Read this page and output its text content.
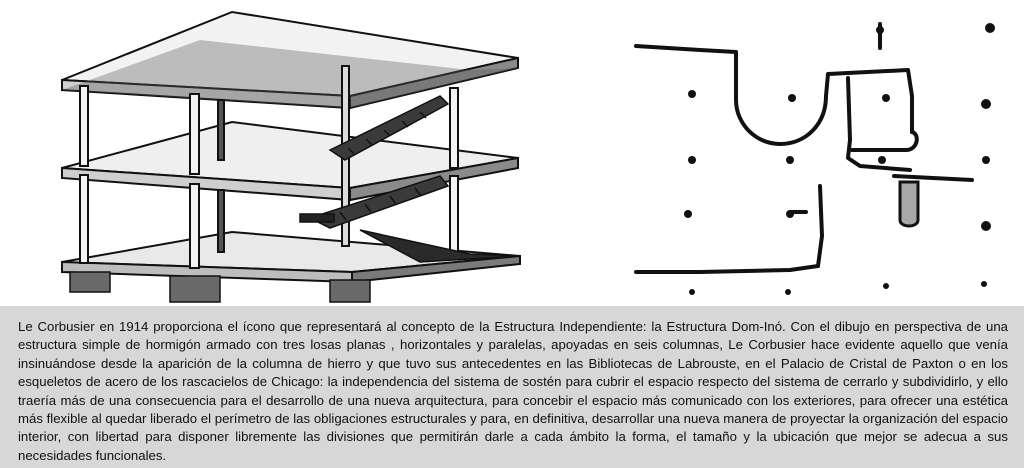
Le Corbusier en 1914 proporciona el ícono que representará al concepto de la Estructura Independiente: la Estructura Dom-Inó. Con el dibujo en perspectiva de una estructura simple de hormigón armado con tres losas planas , horizontales y paralelas, apoyadas en seis columnas, Le Corbusier hace evidente aquello que venía insinuándose desde la aparición de la columna de hierro y que tuvo sus antecedentes en las Bibliotecas de Labrouste, en el Palacio de Cristal de Paxton o en los esqueletos de acero de los rascacielos de Chicago: la independencia del sistema de sostén para cubrir el espacio respecto del sistema de cerrarlo y subdividirlo, y ello traería más de una consecuencia para el desarrollo de una nueva arquitectura, para concebir el espacio más comunicado con los exteriores, para ofrecer una estética más flexible al quedar liberado el perímetro de las obligaciones estructurales y para, en definitiva, desarrollar una nueva manera de proyectar la organización del espacio interior, con libertad para disponer libremente las divisiones que permitirán darle a cada ámbito la forma, el tamaño y la ubicación que mejor se adecua a sus necesidades funcionales.
